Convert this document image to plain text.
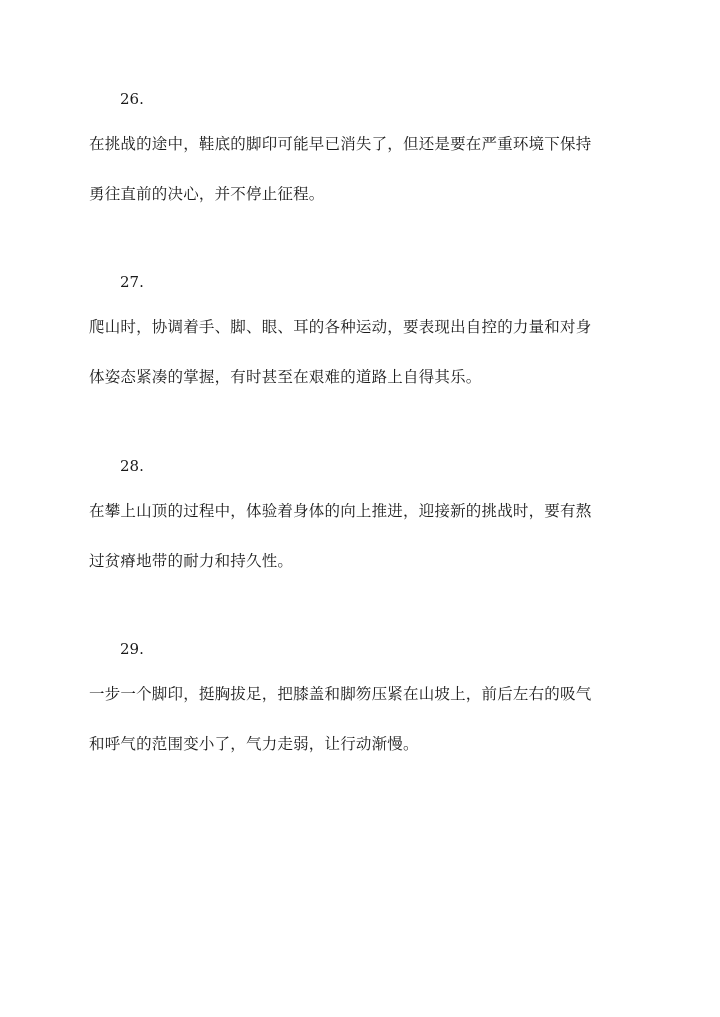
26.
在挑战的途中，鞋底的脚印可能早已消失了，但还是要在严重环境下保持
勇往直前的决心，并不停止征程。
27.
爬山时，协调着手、脚、眼、耳的各种运动，要表现出自控的力量和对身
体姿态紧凑的掌握，有时甚至在艰难的道路上自得其乐。
28.
在攀上山顶的过程中，体验着身体的向上推进，迎接新的挑战时，要有熬
过贫瘠地带的耐力和持久性。
29.
一步一个脚印，挺胸拔足，把膝盖和脚笏压紧在山坡上，前后左右的吸气
和呼气的范围变小了，气力走弱，让行动渐慢。
